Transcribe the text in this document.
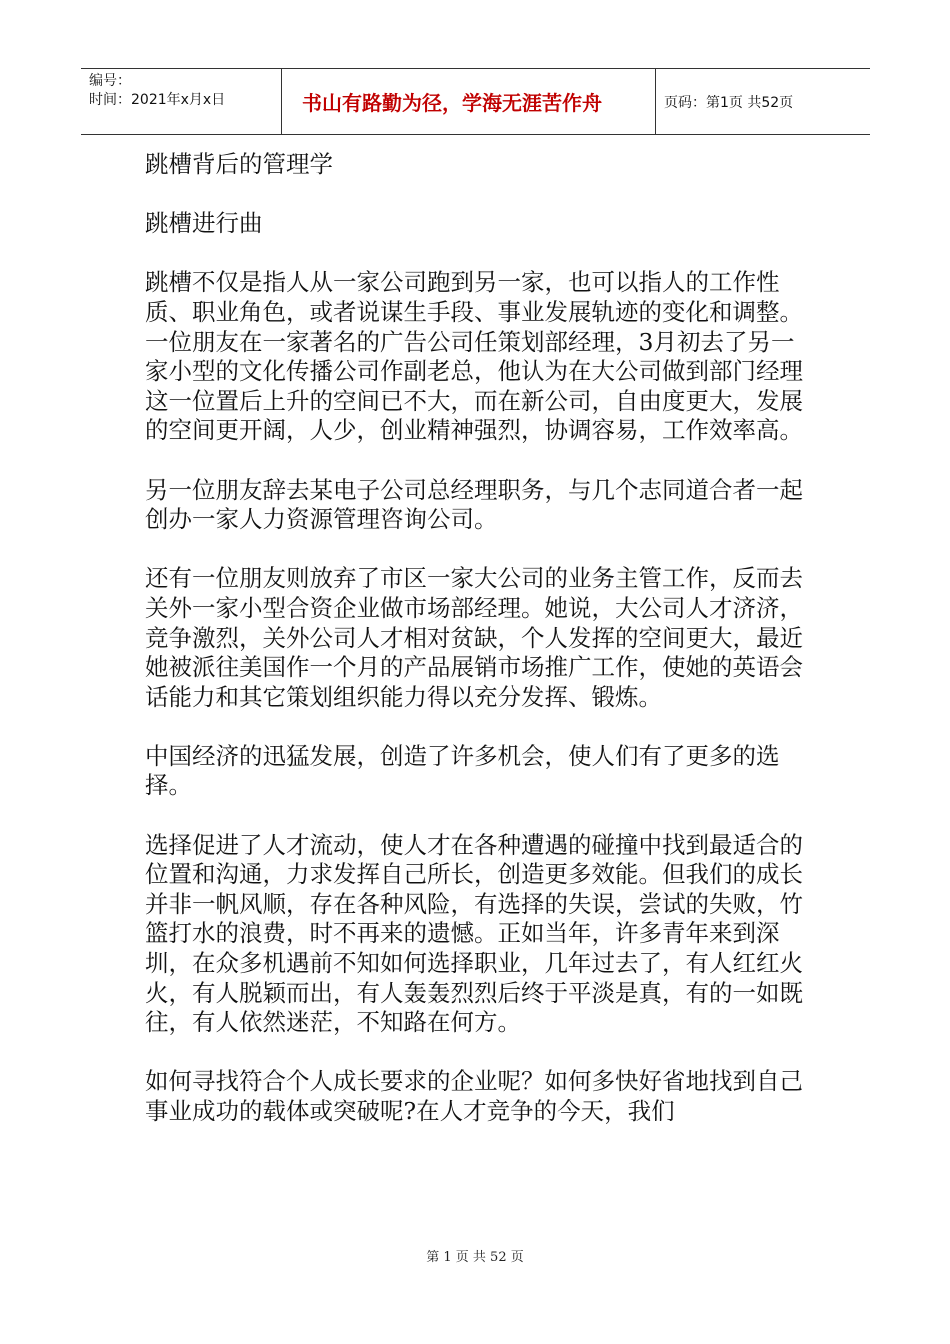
编号：
时间：2021年x月x日	书山有路勤为径，学海无涯苦作舟	页码：第1页 共52页

跳槽背后的管理学

跳槽进行曲

跳槽不仅是指人从一家公司跑到另一家，也可以指人的工作性质、职业角色，或者说谋生手段、事业发展轨迹的变化和调整。一位朋友在一家著名的广告公司任策划部经理，3月初去了另一家小型的文化传播公司作副老总，他认为在大公司做到部门经理这一位置后上升的空间已不大，而在新公司，自由度更大，发展的空间更开阔，人少，创业精神强烈，协调容易，工作效率高。

另一位朋友辞去某电子公司总经理职务，与几个志同道合者一起创办一家人力资源管理咨询公司。

还有一位朋友则放弃了市区一家大公司的业务主管工作，反而去关外一家小型合资企业做市场部经理。她说，大公司人才济济，竞争激烈，关外公司人才相对贫缺，个人发挥的空间更大，最近她被派往美国作一个月的产品展销市场推广工作，使她的英语会话能力和其它策划组织能力得以充分发挥、锻炼。

中国经济的迅猛发展，创造了许多机会，使人们有了更多的选择。

选择促进了人才流动，使人才在各种遭遇的碰撞中找到最适合的位置和沟通，力求发挥自己所长，创造更多效能。但我们的成长并非一帆风顺，存在各种风险，有选择的失误，尝试的失败，竹篮打水的浪费，时不再来的遗憾。正如当年，许多青年来到深圳，在众多机遇前不知如何选择职业，几年过去了，有人红红火火，有人脱颖而出，有人轰轰烈烈后终于平淡是真，有的一如既往，有人依然迷茫，不知路在何方。

如何寻找符合个人成长要求的企业呢？如何多快好省地找到自己事业成功的载体或突破呢?在人才竞争的今天，我们

第 1 页 共 52 页
